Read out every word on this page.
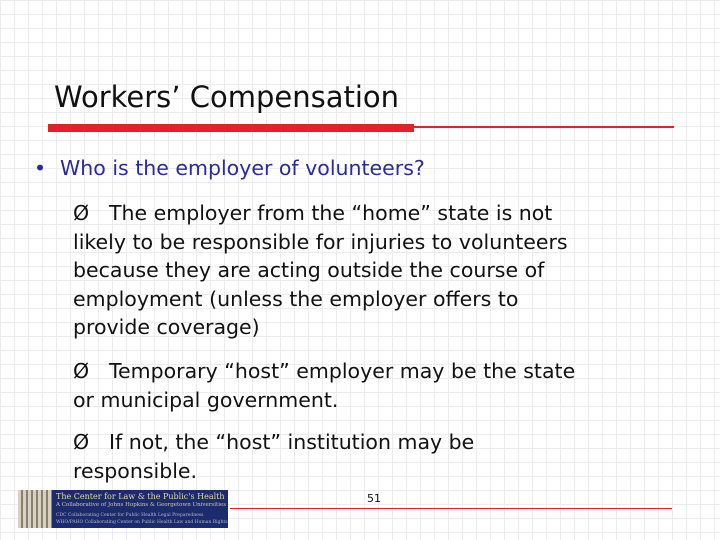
Workers’ Compensation
• Who is the employer of volunteers?
Ø The employer from the “home” state is not
likely to be responsible for injuries to volunteers
because they are acting outside the course of
employment (unless the employer offers to
provide coverage)
Ø Temporary “host” employer may be the state
or municipal government.
Ø If not, the “host” institution may be
responsible.
The Center for Law & the Public's Health
A Collaborative of Johns Hopkins & Georgetown Universities
CDC Collaborating Center for Public Health Legal Preparedness
WHO/PAHO Collaborating Center on Public Health Law and Human Rights
51
